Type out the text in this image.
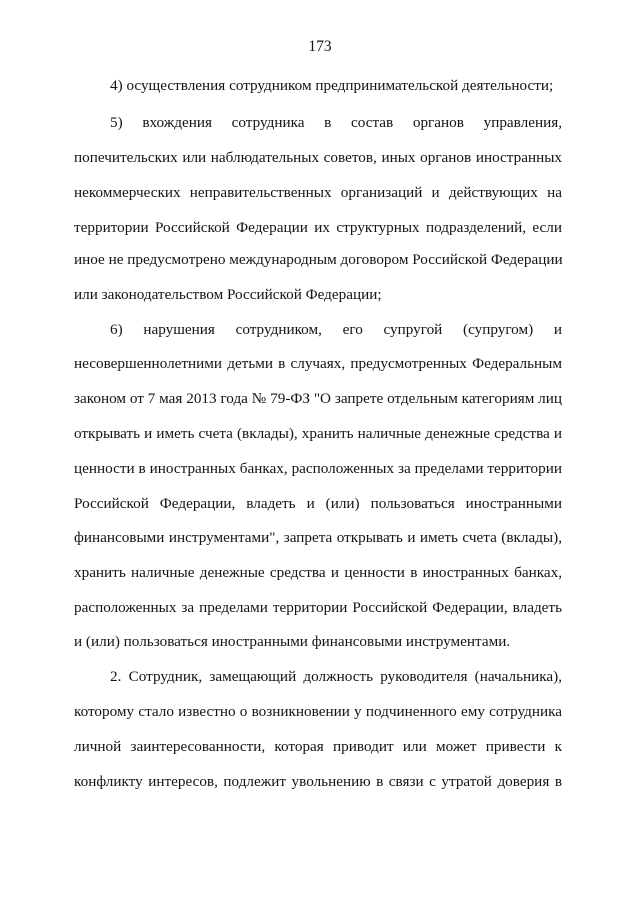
173
4) осуществления сотрудником предпринимательской деятельности;
5) вхождения сотрудника в состав органов управления,
попечительских или наблюдательных советов, иных органов иностранных
некоммерческих неправительственных организаций и действующих на
территории Российской Федерации их структурных подразделений, если
иное не предусмотрено международным договором Российской Федерации
или законодательством Российской Федерации;
6) нарушения сотрудником, его супругой (супругом) и
несовершеннолетними детьми в случаях, предусмотренных Федеральным
законом от 7 мая 2013 года № 79-ФЗ "О запрете отдельным категориям лиц
открывать и иметь счета (вклады), хранить наличные денежные средства и
ценности в иностранных банках, расположенных за пределами территории
Российской Федерации, владеть и (или) пользоваться иностранными
финансовыми инструментами", запрета открывать и иметь счета (вклады),
хранить наличные денежные средства и ценности в иностранных банках,
расположенных за пределами территории Российской Федерации, владеть
и (или) пользоваться иностранными финансовыми инструментами.
2. Сотрудник, замещающий должность руководителя (начальника),
которому стало известно о возникновении у подчиненного ему сотрудника
личной заинтересованности, которая приводит или может привести к
конфликту интересов, подлежит увольнению в связи с утратой доверия в
